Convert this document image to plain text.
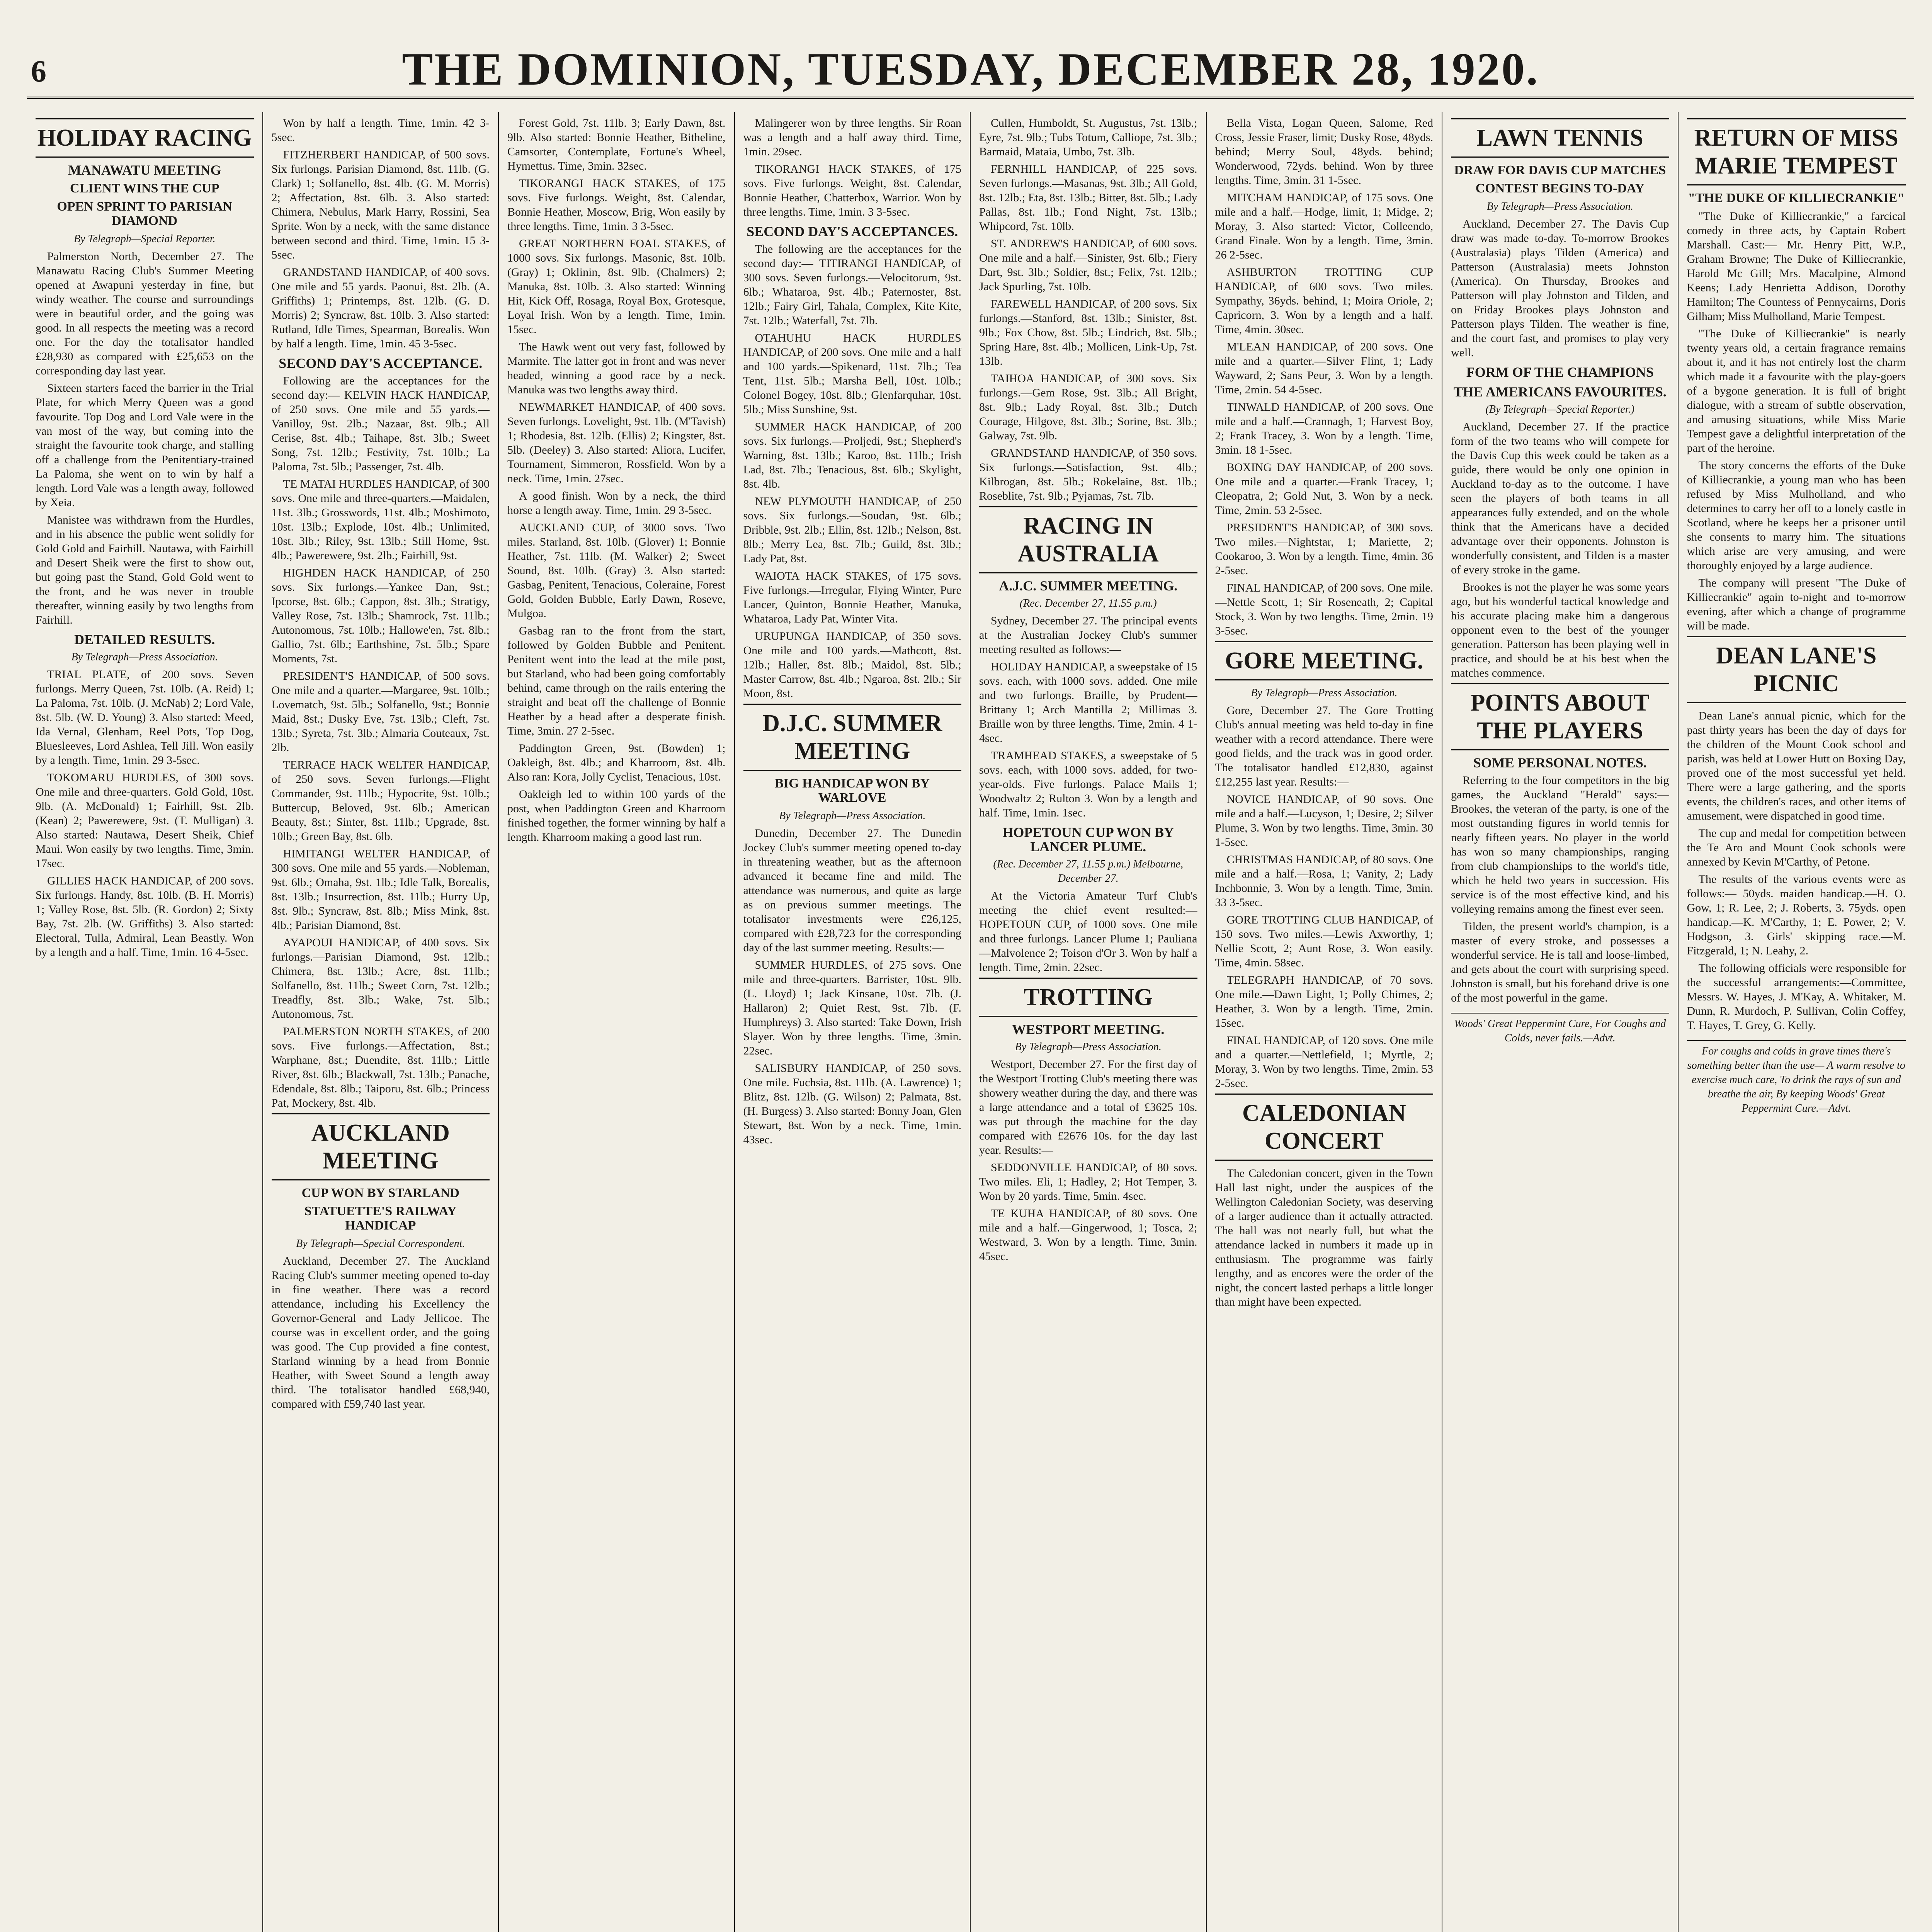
6	THE DOMINION, TUESDAY, DECEMBER 28, 1920.
HOLIDAY RACING
MANAWATU MEETING
CLIENT WINS THE CUP
OPEN SPRINT TO PARISIAN DIAMOND
By Telegraph—Special Reporter.
Palmerston North, December 27. The Manawatu Racing Club's Summer Meeting opened at Awapuni yesterday in fine, but windy weather. The course and surroundings were in beautiful order, and the going was good. In all respects the meeting was a record one. For the day the totalisator handled £28,930 as compared with £25,653 on the corresponding day last year.
Sixteen starters faced the barrier in the Trial Plate, for which Merry Queen was a good favourite. Top Dog and Lord Vale were in the van most of the way, but coming into the straight the favourite took charge, and stalling off a challenge from the Penitentiary-trained La Paloma, she went on to win by half a length. Lord Vale was a length away, followed by Xeia.
Manistee was withdrawn from the Hurdles, and in his absence the public went solidly for Gold Gold and Fairhill. Nautawa, with Fairhill and Desert Sheik were the first to show out, but going past the Stand, Gold Gold went to the front, and he was never in trouble thereafter, winning easily by two lengths from Fairhill.
DETAILED RESULTS.
By Telegraph—Press Association.
TRIAL PLATE, of 200 sovs. Seven furlongs. Merry Queen, 7st. 10lb. (A. Reid) 1; La Paloma, 7st. 10lb. (J. McNab) 2; Lord Vale, 8st. 5lb. (W. D. Young) 3. Also started: Meed, Ida Vernal, Glenham, Reel Pots, Top Dog, Bluesleeves, Lord Ashlea, Tell Jill. Won easily by a length. Time, 1min. 29 3-5sec.
TOKOMARU HURDLES, of 300 sovs. One mile and three-quarters. Gold Gold, 10st. 9lb. (A. McDonald) 1; Fairhill, 9st. 2lb. (Kean) 2; Pawerewere, 9st. (T. Mulligan) 3. Also started: Nautawa, Desert Sheik, Chief Maui. Won easily by two lengths. Time, 3min. 17sec.
GILLIES HACK HANDICAP, of 200 sovs. Six furlongs. Handy, 8st. 10lb. (B. H. Morris) 1; Valley Rose, 8st. 5lb. (R. Gordon) 2; Sixty Bay, 7st. 2lb. (W. Griffiths) 3. Also started: Electoral, Tulla, Admiral, Lean Beastly. Won by a length and a half. Time, 1min. 16 4-5sec.
Won by half a length. Time, 1min. 42 3-5sec.
FITZHERBERT HANDICAP, of 500 sovs. Six furlongs. Parisian Diamond, 8st. 11lb. (G. Clark) 1; Solfanello, 8st. 4lb. (G. M. Morris) 2; Affectation, 8st. 6lb. 3. Also started: Chimera, Nebulus, Mark Harry, Rossini, Sea Sprite. Won by a neck, with the same distance between second and third. Time, 1min. 15 3-5sec.
GRANDSTAND HANDICAP, of 400 sovs. One mile and 55 yards. Paonui, 8st. 2lb. (A. Griffiths) 1; Printemps, 8st. 12lb. (G. D. Morris) 2; Syncraw, 8st. 10lb. 3. Also started: Rutland, Idle Times, Spearman, Borealis. Won by half a length. Time, 1min. 45 3-5sec.
SECOND DAY'S ACCEPTANCE.
Following are the acceptances for the second day:— KELVIN HACK HANDICAP, of 250 sovs. One mile and 55 yards.—Vanilloy, 9st. 2lb.; Nazaar, 8st. 9lb.; All Cerise, 8st. 4lb.; Taihape, 8st. 3lb.; Sweet Song, 7st. 12lb.; Festivity, 7st. 10lb.; La Paloma, 7st. 5lb.; Passenger, 7st. 4lb.
TE MATAI HURDLES HANDICAP, of 300 sovs. One mile and three-quarters.—Maidalen, 11st. 3lb.; Grosswords, 11st. 4lb.; Moshimoto, 10st. 13lb.; Explode, 10st. 4lb.; Unlimited, 10st. 3lb.; Riley, 9st. 13lb.; Still Home, 9st. 4lb.; Pawerewere, 9st. 2lb.; Fairhill, 9st.
HIGHDEN HACK HANDICAP, of 250 sovs. Six furlongs.—Yankee Dan, 9st.; Ipcorse, 8st. 6lb.; Cappon, 8st. 3lb.; Stratigy, Valley Rose, 7st. 13lb.; Shamrock, 7st. 11lb.; Autonomous, 7st. 10lb.; Hallowe'en, 7st. 8lb.; Gallio, 7st. 6lb.; Earthshine, 7st. 5lb.; Spare Moments, 7st.
PRESIDENT'S HANDICAP, of 500 sovs. One mile and a quarter.—Margaree, 9st. 10lb.; Lovematch, 9st. 5lb.; Solfanello, 9st.; Bonnie Maid, 8st.; Dusky Eve, 7st. 13lb.; Cleft, 7st. 13lb.; Syreta, 7st. 3lb.; Almaria Couteaux, 7st. 2lb.
TERRACE HACK WELTER HANDICAP, of 250 sovs. Seven furlongs.—Flight Commander, 9st. 11lb.; Hypocrite, 9st. 10lb.; Buttercup, Beloved, 9st. 6lb.; American Beauty, 8st.; Sinter, 8st. 11lb.; Upgrade, 8st. 10lb.; Green Bay, 8st. 6lb.
HIMITANGI WELTER HANDICAP, of 300 sovs. One mile and 55 yards.—Nobleman, 9st. 6lb.; Omaha, 9st. 1lb.; Idle Talk, Borealis, 8st. 13lb.; Insurrection, 8st. 11lb.; Hurry Up, 8st. 9lb.; Syncraw, 8st. 8lb.; Miss Mink, 8st. 4lb.; Parisian Diamond, 8st.
AYAPOUI HANDICAP, of 400 sovs. Six furlongs.—Parisian Diamond, 9st. 12lb.; Chimera, 8st. 13lb.; Acre, 8st. 11lb.; Solfanello, 8st. 11lb.; Sweet Corn, 7st. 12lb.; Treadfly, 8st. 3lb.; Wake, 7st. 5lb.; Autonomous, 7st.
PALMERSTON NORTH STAKES, of 200 sovs. Five furlongs.—Affectation, 8st.; Warphane, 8st.; Duendite, 8st. 11lb.; Little River, 8st. 6lb.; Blackwall, 7st. 13lb.; Panache, Edendale, 8st. 8lb.; Taiporu, 8st. 6lb.; Princess Pat, Mockery, 8st. 4lb.
AUCKLAND MEETING
CUP WON BY STARLAND
STATUETTE'S RAILWAY HANDICAP
By Telegraph—Special Correspondent.
Auckland, December 27. The Auckland Racing Club's summer meeting opened to-day in fine weather. There was a record attendance, including his Excellency the Governor-General and Lady Jellicoe. The course was in excellent order, and the going was good. The Cup provided a fine contest, Starland winning by a head from Bonnie Heather, with Sweet Sound a length away third. The totalisator handled £68,940, compared with £59,740 last year.
Forest Gold, 7st. 11lb. 3; Early Dawn, 8st. 9lb. Also started: Bonnie Heather, Bitheline, Camsorter, Contemplate, Fortune's Wheel, Hymettus. Time, 3min. 32sec.
TIKORANGI HACK STAKES, of 175 sovs. Five furlongs. Weight, 8st. Calendar, Bonnie Heather, Moscow, Brig, Won easily by three lengths. Time, 1min. 3 3-5sec.
GREAT NORTHERN FOAL STAKES, of 1000 sovs. Six furlongs. Masonic, 8st. 10lb. (Gray) 1; Oklinin, 8st. 9lb. (Chalmers) 2; Manuka, 8st. 10lb. 3. Also started: Winning Hit, Kick Off, Rosaga, Royal Box, Grotesque, Loyal Irish. Won by a length. Time, 1min. 15sec.
The Hawk went out very fast, followed by Marmite. The latter got in front and was never headed, winning a good race by a neck. Manuka was two lengths away third.
NEWMARKET HANDICAP, of 400 sovs. Seven furlongs. Lovelight, 9st. 1lb. (M'Tavish) 1; Rhodesia, 8st. 12lb. (Ellis) 2; Kingster, 8st. 5lb. (Deeley) 3. Also started: Aliora, Lucifer, Tournament, Simmeron, Rossfield. Won by a neck. Time, 1min. 27sec.
A good finish. Won by a neck, the third horse a length away. Time, 1min. 29 3-5sec.
AUCKLAND CUP, of 3000 sovs. Two miles. Starland, 8st. 10lb. (Glover) 1; Bonnie Heather, 7st. 11lb. (M. Walker) 2; Sweet Sound, 8st. 10lb. (Gray) 3. Also started: Gasbag, Penitent, Tenacious, Coleraine, Forest Gold, Golden Bubble, Early Dawn, Roseve, Mulgoa.
Gasbag ran to the front from the start, followed by Golden Bubble and Penitent. Penitent went into the lead at the mile post, but Starland, who had been going comfortably behind, came through on the rails entering the straight and beat off the challenge of Bonnie Heather by a head after a desperate finish. Time, 3min. 27 2-5sec.
Paddington Green, 9st. (Bowden) 1; Oakleigh, 8st. 4lb.; and Kharroom, 8st. 4lb. Also ran: Kora, Jolly Cyclist, Tenacious, 10st.
Oakleigh led to within 100 yards of the post, when Paddington Green and Kharroom finished together, the former winning by half a length. Kharroom making a good last run.
Malingerer won by three lengths. Sir Roan was a length and a half away third. Time, 1min. 29sec.
TIKORANGI HACK STAKES, of 175 sovs. Five furlongs. Weight, 8st. Calendar, Bonnie Heather, Chatterbox, Warrior. Won by three lengths. Time, 1min. 3 3-5sec.
SECOND DAY'S ACCEPTANCES.
The following are the acceptances for the second day:— TITIRANGI HANDICAP, of 300 sovs. Seven furlongs.—Velocitorum, 9st. 6lb.; Whataroa, 9st. 4lb.; Paternoster, 8st. 12lb.; Fairy Girl, Tahala, Complex, Kite Kite, 7st. 12lb.; Waterfall, 7st. 7lb.
OTAHUHU HACK HURDLES HANDICAP, of 200 sovs. One mile and a half and 100 yards.—Spikenard, 11st. 7lb.; Tea Tent, 11st. 5lb.; Marsha Bell, 10st. 10lb.; Colonel Bogey, 10st. 8lb.; Glenfarquhar, 10st. 5lb.; Miss Sunshine, 9st.
SUMMER HACK HANDICAP, of 200 sovs. Six furlongs.—Proljedi, 9st.; Shepherd's Warning, 8st. 13lb.; Karoo, 8st. 11lb.; Irish Lad, 8st. 7lb.; Tenacious, 8st. 6lb.; Skylight, 8st. 4lb.
NEW PLYMOUTH HANDICAP, of 250 sovs. Six furlongs.—Soudan, 9st. 6lb.; Dribble, 9st. 2lb.; Ellin, 8st. 12lb.; Nelson, 8st. 8lb.; Merry Lea, 8st. 7lb.; Guild, 8st. 3lb.; Lady Pat, 8st.
WAIOTA HACK STAKES, of 175 sovs. Five furlongs.—Irregular, Flying Winter, Pure Lancer, Quinton, Bonnie Heather, Manuka, Whataroa, Lady Pat, Winter Vita.
URUPUNGA HANDICAP, of 350 sovs. One mile and 100 yards.—Mathcott, 8st. 12lb.; Haller, 8st. 8lb.; Maidol, 8st. 5lb.; Master Carrow, 8st. 4lb.; Ngaroa, 8st. 2lb.; Sir Moon, 8st.
D.J.C. SUMMER MEETING
BIG HANDICAP WON BY WARLOVE
By Telegraph—Press Association.
Dunedin, December 27. The Dunedin Jockey Club's summer meeting opened to-day in threatening weather, but as the afternoon advanced it became fine and mild. The attendance was numerous, and quite as large as on previous summer meetings. The totalisator investments were £26,125, compared with £28,723 for the corresponding day of the last summer meeting. Results:—
SUMMER HURDLES, of 275 sovs. One mile and three-quarters. Barrister, 10st. 9lb. (L. Lloyd) 1; Jack Kinsane, 10st. 7lb. (J. Hallaron) 2; Quiet Rest, 9st. 7lb. (F. Humphreys) 3. Also started: Take Down, Irish Slayer. Won by three lengths. Time, 3min. 22sec.
SALISBURY HANDICAP, of 250 sovs. One mile. Fuchsia, 8st. 11lb. (A. Lawrence) 1; Blitz, 8st. 12lb. (G. Wilson) 2; Palmata, 8st. (H. Burgess) 3. Also started: Bonny Joan, Glen Stewart, 8st. Won by a neck. Time, 1min. 43sec.
Cullen, Humboldt, St. Augustus, 7st. 13lb.; Eyre, 7st. 9lb.; Tubs Totum, Calliope, 7st. 3lb.; Barmaid, Mataia, Umbo, 7st. 3lb.
FERNHILL HANDICAP, of 225 sovs. Seven furlongs.—Masanas, 9st. 3lb.; All Gold, 8st. 12lb.; Eta, 8st. 13lb.; Bitter, 8st. 5lb.; Lady Pallas, 8st. 1lb.; Fond Night, 7st. 13lb.; Whipcord, 7st. 10lb.
ST. ANDREW'S HANDICAP, of 600 sovs. One mile and a half.—Sinister, 9st. 6lb.; Fiery Dart, 9st. 3lb.; Soldier, 8st.; Felix, 7st. 12lb.; Jack Spurling, 7st. 10lb.
FAREWELL HANDICAP, of 200 sovs. Six furlongs.—Stanford, 8st. 13lb.; Sinister, 8st. 9lb.; Fox Chow, 8st. 5lb.; Lindrich, 8st. 5lb.; Spring Hare, 8st. 4lb.; Mollicen, Link-Up, 7st. 13lb.
TAIHOA HANDICAP, of 300 sovs. Six furlongs.—Gem Rose, 9st. 3lb.; All Bright, 8st. 9lb.; Lady Royal, 8st. 3lb.; Dutch Courage, Hilgove, 8st. 3lb.; Sorine, 8st. 3lb.; Galway, 7st. 9lb.
GRANDSTAND HANDICAP, of 350 sovs. Six furlongs.—Satisfaction, 9st. 4lb.; Kilbrogan, 8st. 5lb.; Rokelaine, 8st. 1lb.; Roseblite, 7st. 9lb.; Pyjamas, 7st. 7lb.
RACING IN AUSTRALIA
A.J.C. SUMMER MEETING.
(Rec. December 27, 11.55 p.m.)
Sydney, December 27. The principal events at the Australian Jockey Club's summer meeting resulted as follows:—
HOLIDAY HANDICAP, a sweepstake of 15 sovs. each, with 1000 sovs. added. One mile and two furlongs. Braille, by Prudent—Brittany 1; Arch Mantilla 2; Millimas 3. Braille won by three lengths. Time, 2min. 4 1-4sec.
TRAMHEAD STAKES, a sweepstake of 5 sovs. each, with 1000 sovs. added, for two-year-olds. Five furlongs. Palace Mails 1; Woodwaltz 2; Rulton 3. Won by a length and half. Time, 1min. 1sec.
HOPETOUN CUP WON BY LANCER PLUME.
(Rec. December 27, 11.55 p.m.) Melbourne, December 27.
At the Victoria Amateur Turf Club's meeting the chief event resulted:— HOPETOUN CUP, of 1000 sovs. One mile and three furlongs. Lancer Plume 1; Pauliana—Malvolence 2; Toison d'Or 3. Won by half a length. Time, 2min. 22sec.
TROTTING
WESTPORT MEETING.
By Telegraph—Press Association.
Westport, December 27. For the first day of the Westport Trotting Club's meeting there was showery weather during the day, and there was a large attendance and a total of £3625 10s. was put through the machine for the day compared with £2676 10s. for the day last year. Results:—
SEDDONVILLE HANDICAP, of 80 sovs. Two miles. Eli, 1; Hadley, 2; Hot Temper, 3. Won by 20 yards. Time, 5min. 4sec.
TE KUHA HANDICAP, of 80 sovs. One mile and a half.—Gingerwood, 1; Tosca, 2; Westward, 3. Won by a length. Time, 3min. 45sec.
Bella Vista, Logan Queen, Salome, Red Cross, Jessie Fraser, limit; Dusky Rose, 48yds. behind; Merry Soul, 48yds. behind; Wonderwood, 72yds. behind. Won by three lengths. Time, 3min. 31 1-5sec.
MITCHAM HANDICAP, of 175 sovs. One mile and a half.—Hodge, limit, 1; Midge, 2; Moray, 3. Also started: Victor, Colleendo, Grand Finale. Won by a length. Time, 3min. 26 2-5sec.
ASHBURTON TROTTING CUP HANDICAP, of 600 sovs. Two miles. Sympathy, 36yds. behind, 1; Moira Oriole, 2; Capricorn, 3. Won by a length and a half. Time, 4min. 30sec.
M'LEAN HANDICAP, of 200 sovs. One mile and a quarter.—Silver Flint, 1; Lady Wayward, 2; Sans Peur, 3. Won by a length. Time, 2min. 54 4-5sec.
TINWALD HANDICAP, of 200 sovs. One mile and a half.—Crannagh, 1; Harvest Boy, 2; Frank Tracey, 3. Won by a length. Time, 3min. 18 1-5sec.
BOXING DAY HANDICAP, of 200 sovs. One mile and a quarter.—Frank Tracey, 1; Cleopatra, 2; Gold Nut, 3. Won by a neck. Time, 2min. 53 2-5sec.
PRESIDENT'S HANDICAP, of 300 sovs. Two miles.—Nightstar, 1; Mariette, 2; Cookaroo, 3. Won by a length. Time, 4min. 36 2-5sec.
FINAL HANDICAP, of 200 sovs. One mile.—Nettle Scott, 1; Sir Roseneath, 2; Capital Stock, 3. Won by two lengths. Time, 2min. 19 3-5sec.
GORE MEETING.
By Telegraph—Press Association.
Gore, December 27. The Gore Trotting Club's annual meeting was held to-day in fine weather with a record attendance. There were good fields, and the track was in good order. The totalisator handled £12,830, against £12,255 last year. Results:—
NOVICE HANDICAP, of 90 sovs. One mile and a half.—Lucyson, 1; Desire, 2; Silver Plume, 3. Won by two lengths. Time, 3min. 30 1-5sec.
CHRISTMAS HANDICAP, of 80 sovs. One mile and a half.—Rosa, 1; Vanity, 2; Lady Inchbonnie, 3. Won by a length. Time, 3min. 33 3-5sec.
GORE TROTTING CLUB HANDICAP, of 150 sovs. Two miles.—Lewis Axworthy, 1; Nellie Scott, 2; Aunt Rose, 3. Won easily. Time, 4min. 58sec.
TELEGRAPH HANDICAP, of 70 sovs. One mile.—Dawn Light, 1; Polly Chimes, 2; Heather, 3. Won by a length. Time, 2min. 15sec.
FINAL HANDICAP, of 120 sovs. One mile and a quarter.—Nettlefield, 1; Myrtle, 2; Moray, 3. Won by two lengths. Time, 2min. 53 2-5sec.
CALEDONIAN CONCERT
The Caledonian concert, given in the Town Hall last night, under the auspices of the Wellington Caledonian Society, was deserving of a larger audience than it actually attracted. The hall was not nearly full, but what the attendance lacked in numbers it made up in enthusiasm. The programme was fairly lengthy, and as encores were the order of the night, the concert lasted perhaps a little longer than might have been expected.
LAWN TENNIS
DRAW FOR DAVIS CUP MATCHES
CONTEST BEGINS TO-DAY
By Telegraph—Press Association.
Auckland, December 27. The Davis Cup draw was made to-day. To-morrow Brookes (Australasia) plays Tilden (America) and Patterson (Australasia) meets Johnston (America). On Thursday, Brookes and Patterson will play Johnston and Tilden, and on Friday Brookes plays Johnston and Patterson plays Tilden. The weather is fine, and the court fast, and promises to play very well.
FORM OF THE CHAMPIONS
THE AMERICANS FAVOURITES.
(By Telegraph—Special Reporter.)
Auckland, December 27. If the practice form of the two teams who will compete for the Davis Cup this week could be taken as a guide, there would be only one opinion in Auckland to-day as to the outcome. I have seen the players of both teams in all appearances fully extended, and on the whole think that the Americans have a decided advantage over their opponents. Johnston is wonderfully consistent, and Tilden is a master of every stroke in the game.
Brookes is not the player he was some years ago, but his wonderful tactical knowledge and his accurate placing make him a dangerous opponent even to the best of the younger generation. Patterson has been playing well in practice, and should be at his best when the matches commence.
POINTS ABOUT THE PLAYERS
SOME PERSONAL NOTES.
Referring to the four competitors in the big games, the Auckland "Herald" says:—Brookes, the veteran of the party, is one of the most outstanding figures in world tennis for nearly fifteen years. No player in the world has won so many championships, ranging from club championships to the world's title, which he held two years in succession. His service is of the most effective kind, and his volleying remains among the finest ever seen.
Tilden, the present world's champion, is a master of every stroke, and possesses a wonderful service. He is tall and loose-limbed, and gets about the court with surprising speed. Johnston is small, but his forehand drive is one of the most powerful in the game.
Woods' Great Peppermint Cure, For Coughs and Colds, never fails.—Advt.
RETURN OF MISS MARIE TEMPEST
"THE DUKE OF KILLIECRANKIE"
"The Duke of Killiecrankie," a farcical comedy in three acts, by Captain Robert Marshall. Cast:— Mr. Henry Pitt, W.P., Graham Browne; The Duke of Killiecrankie, Harold Mc Gill; Mrs. Macalpine, Almond Keens; Lady Henrietta Addison, Dorothy Hamilton; The Countess of Pennycairns, Doris Gilham; Miss Mulholland, Marie Tempest.
"The Duke of Killiecrankie" is nearly twenty years old, a certain fragrance remains about it, and it has not entirely lost the charm which made it a favourite with the play-goers of a bygone generation. It is full of bright dialogue, with a stream of subtle observation, and amusing situations, while Miss Marie Tempest gave a delightful interpretation of the part of the heroine.
The story concerns the efforts of the Duke of Killiecrankie, a young man who has been refused by Miss Mulholland, and who determines to carry her off to a lonely castle in Scotland, where he keeps her a prisoner until she consents to marry him. The situations which arise are very amusing, and were thoroughly enjoyed by a large audience.
The company will present "The Duke of Killiecrankie" again to-night and to-morrow evening, after which a change of programme will be made.
DEAN LANE'S PICNIC
Dean Lane's annual picnic, which for the past thirty years has been the day of days for the children of the Mount Cook school and parish, was held at Lower Hutt on Boxing Day, proved one of the most successful yet held. There were a large gathering, and the sports events, the children's races, and other items of amusement, were dispatched in good time.
The cup and medal for competition between the Te Aro and Mount Cook schools were annexed by Kevin M'Carthy, of Petone.
The results of the various events were as follows:— 50yds. maiden handicap.—H. O. Gow, 1; R. Lee, 2; J. Roberts, 3. 75yds. open handicap.—K. M'Carthy, 1; E. Power, 2; V. Hodgson, 3. Girls' skipping race.—M. Fitzgerald, 1; N. Leahy, 2.
The following officials were responsible for the successful arrangements:—Committee, Messrs. W. Hayes, J. M'Kay, A. Whitaker, M. Dunn, R. Murdoch, P. Sullivan, Colin Coffey, T. Hayes, T. Grey, G. Kelly.
For coughs and colds in grave times there's something better than the use— A warm resolve to exercise much care, To drink the rays of sun and breathe the air, By keeping Woods' Great Peppermint Cure.—Advt.
